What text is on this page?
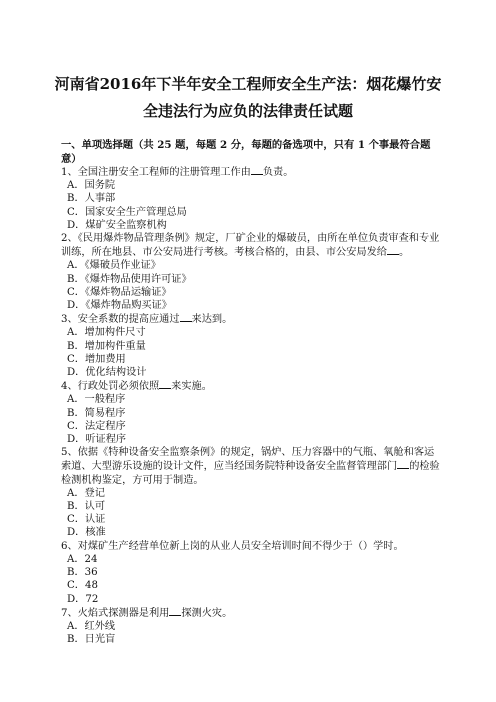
河南省2016年下半年安全工程师安全生产法：烟花爆竹安
全违法行为应负的法律责任试题
一、单项选择题（共 25 题，每题 2 分，每题的备选项中，只有 1 个事最符合题意）

1、全国注册安全工程师的注册管理工作由 负责。

A．国务院

B．人事部

C．国家安全生产管理总局

D．煤矿安全监察机构

2、《民用爆炸物品管理条例》规定，厂矿企业的爆破员，由所在单位负责审查和专业训练，所在地县、市公安局进行考核。考核合格的，由县、市公安局发给 。

A．《爆破员作业证》

B．《爆炸物品使用许可证》

C．《爆炸物品运输证》

D．《爆炸物品购买证》

3、安全系数的提高应通过 来达到。

A．增加构件尺寸

B．增加构件重量

C．增加费用

D．优化结构设计

4、行政处罚必须依照 来实施。

A．一般程序

B．简易程序

C．法定程序

D．听证程序

5、依据《特种设备安全监察条例》的规定，锅炉、压力容器中的气瓶、氧舱和客运索道、大型游乐设施的设计文件，应当经国务院特种设备安全监督管理部门 的检验检测机构鉴定，方可用于制造。

A．登记

B．认可

C．认证

D．核准

6、对煤矿生产经营单位新上岗的从业人员安全培训时间不得少于（）学时。

A．24

B．36

C．48

D．72

7、火焰式探测器是利用 探测火灾。

A．红外线

B．日光盲
